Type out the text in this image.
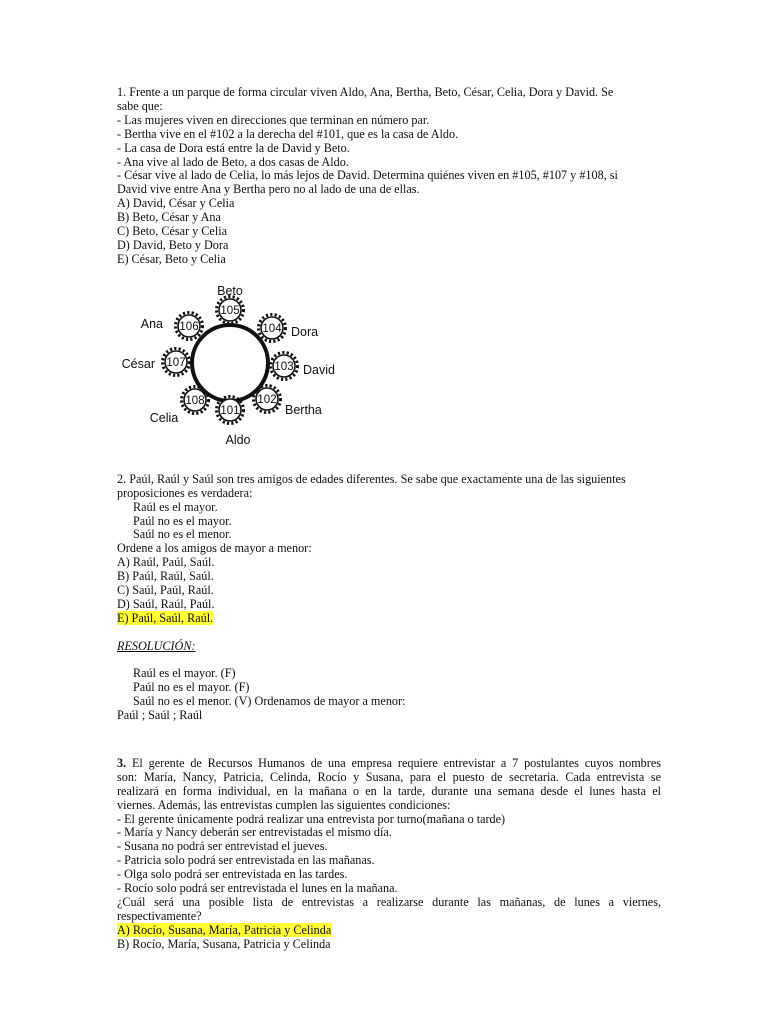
1. Frente a un parque de forma circular viven Aldo, Ana, Bertha, Beto, César, Celia, Dora y David. Se
sabe que:
- Las mujeres viven en direcciones que terminan en número par.
- Bertha vive en el #102 a la derecha del #101, que es la casa de Aldo.
- La casa de Dora está entre la de David y Beto.
- Ana vive al lado de Beto, a dos casas de Aldo.
- César vive al lado de Celia, lo más lejos de David. Determina quiénes viven en #105, #107 y #108, si
David vive entre Ana y Bertha pero no al lado de una de ellas.
A) David, César y Celia
B) Beto, César y Ana
C) Beto, César y Celia
D) David, Beto y Dora
E) César, Beto y Celia
105
Beto
104 Dora
103 David
102
Bertha
101
Aldo
108
Celia
107
César
106
Ana
2. Paúl, Raúl y Saúl son tres amigos de edades diferentes. Se sabe que exactamente una de las siguientes
proposiciones es verdadera:
Raúl es el mayor.
Paúl no es el mayor.
Saúl no es el menor.
Ordene a los amigos de mayor a menor:
A) Raúl, Paúl, Saúl.
B) Paúl, Raúl, Saúl.
C) Saúl, Paúl, Raúl.
D) Saúl, Raúl, Paúl.
E) Paúl, Saúl, Raúl.
RESOLUCIÓN:
Raúl es el mayor. (F)
Paúl no es el mayor. (F)
Saúl no es el menor. (V) Ordenamos de mayor a menor:
Paúl ; Saúl ; Raúl
3. El gerente de Recursos Humanos de una empresa requiere entrevistar a 7 postulantes cuyos nombres
son: María, Nancy, Patricia, Celinda, Rocío y Susana, para el puesto de secretaria. Cada entrevista se
realizará en forma individual, en la mañana o en la tarde, durante una semana desde el lunes hasta el
viernes. Además, las entrevistas cumplen las siguientes condiciones:
- El gerente únicamente podrá realizar una entrevista por turno(mañana o tarde)
- María y Nancy deberán ser entrevistadas el mismo día.
- Susana no podrá ser entrevistad el jueves.
- Patricia solo podrá ser entrevistada en las mañanas.
- Olga solo podrá ser entrevistada en las tardes.
- Rocío solo podrá ser entrevistada el lunes en la mañana.
¿Cuál será una posible lista de entrevistas a realizarse durante las mañanas, de lunes a viernes,
respectivamente?
A) Rocío, Susana, María, Patricia y Celinda
B) Rocío, María, Susana, Patricia y Celinda
